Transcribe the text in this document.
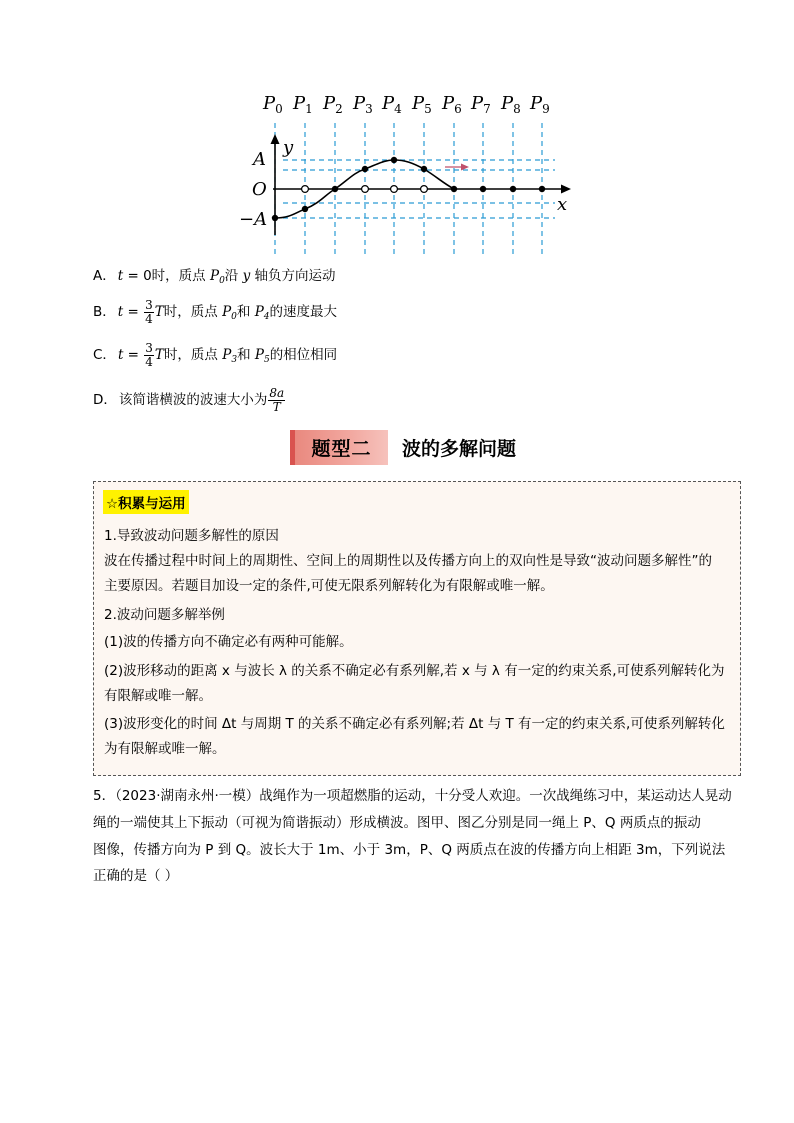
$P_0$ $P_1$ $P_2$ $P_3$ $P_4$ $P_5$ $P_6$ $P_7$ $P_8$ $P_9$
y
x
A
O
−A
A． t = 0时，质点 $P_0$沿 y 轴负方向运动
B． $t = \frac{3}{4}$ T时，质点 $P_0$和 $P_4$的速度最大
C． $t = \frac{3}{4}$ T时，质点 $P_3$和 $P_5$的相位相同
D． 该简谐横波的波速大小为 $\frac{8a}{T}$
题型二	波的多解问题
☆积累与运用
1.导致波动问题多解性的原因
波在传播过程中时间上的周期性、空间上的周期性以及传播方向上的双向性是导致“波动问题多解性”的
主要原因。若题目加设一定的条件,可使无限系列解转化为有限解或唯一解。
2.波动问题多解举例
(1)波的传播方向不确定必有两种可能解。
(2)波形移动的距离 x 与波长 λ 的关系不确定必有系列解,若 x 与 λ 有一定的约束关系,可使系列解转化为
有限解或唯一解。
(3)波形变化的时间 Δt 与周期 T 的关系不确定必有系列解;若 Δt 与 T 有一定的约束关系,可使系列解转化
为有限解或唯一解。
5．（2023·湖南永州·一模）战绳作为一项超燃脂的运动，十分受人欢迎。一次战绳练习中，某运动达人晃动
绳的一端使其上下振动（可视为简谐振动）形成横波。图甲、图乙分别是同一绳上 P、Q 两质点的振动
图像，传播方向为 P 到 Q。波长大于 1m、小于 3m，P、Q 两质点在波的传播方向上相距 3m，下列说法
正确的是（ ）
